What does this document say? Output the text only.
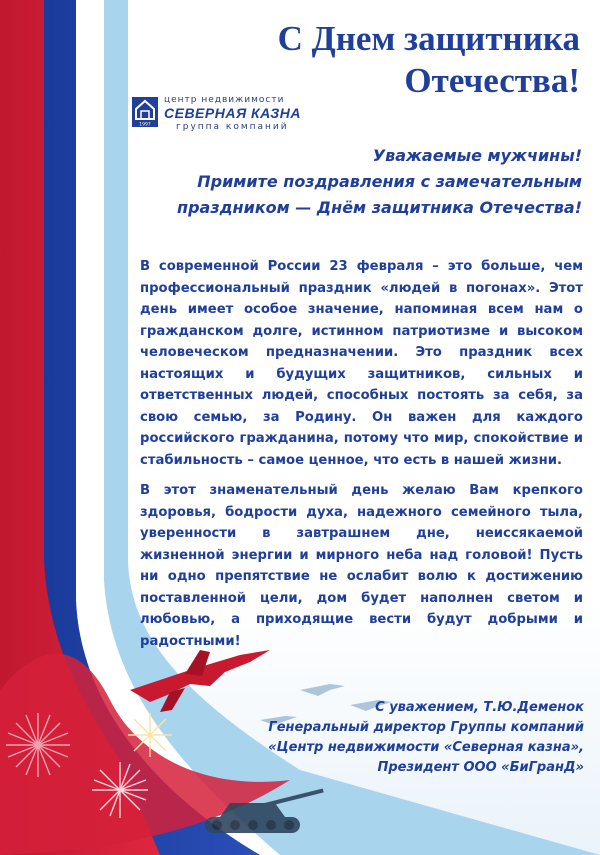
С Днем защитника
Отечества!
1997
центр недвижимости
СЕВЕРНАЯ КАЗНА
группа компаний
Уважаемые мужчины!
Примите поздравления с замечательным
праздником — Днём защитника Отечества!

В современной России 23 февраля – это больше, чем профессиональный праздник «людей в погонах». Этот день имеет особое значение, напоминая всем нам о гражданском долге, истинном патриотизме и высоком человеческом предназначении. Это праздник всех настоящих и будущих защитников, сильных и ответственных людей, способных постоять за себя, за свою семью, за Родину. Он важен для каждого российского гражданина, потому что мир, спокойствие и стабильность – самое ценное, что есть в нашей жизни.

В этот знаменательный день желаю Вам крепкого здоровья, бодрости духа, надежного семейного тыла, уверенности в завтрашнем дне, неиссякаемой жизненной энергии и мирного неба над головой! Пусть ни одно препятствие не ослабит волю к достижению поставленной цели, дом будет наполнен светом и любовью, а приходящие вести будут добрыми и радостными!

С уважением, Т.Ю.Деменок
Генеральный директор Группы компаний
«Центр недвижимости «Северная казна»,
Президент ООО «БиГранД»
